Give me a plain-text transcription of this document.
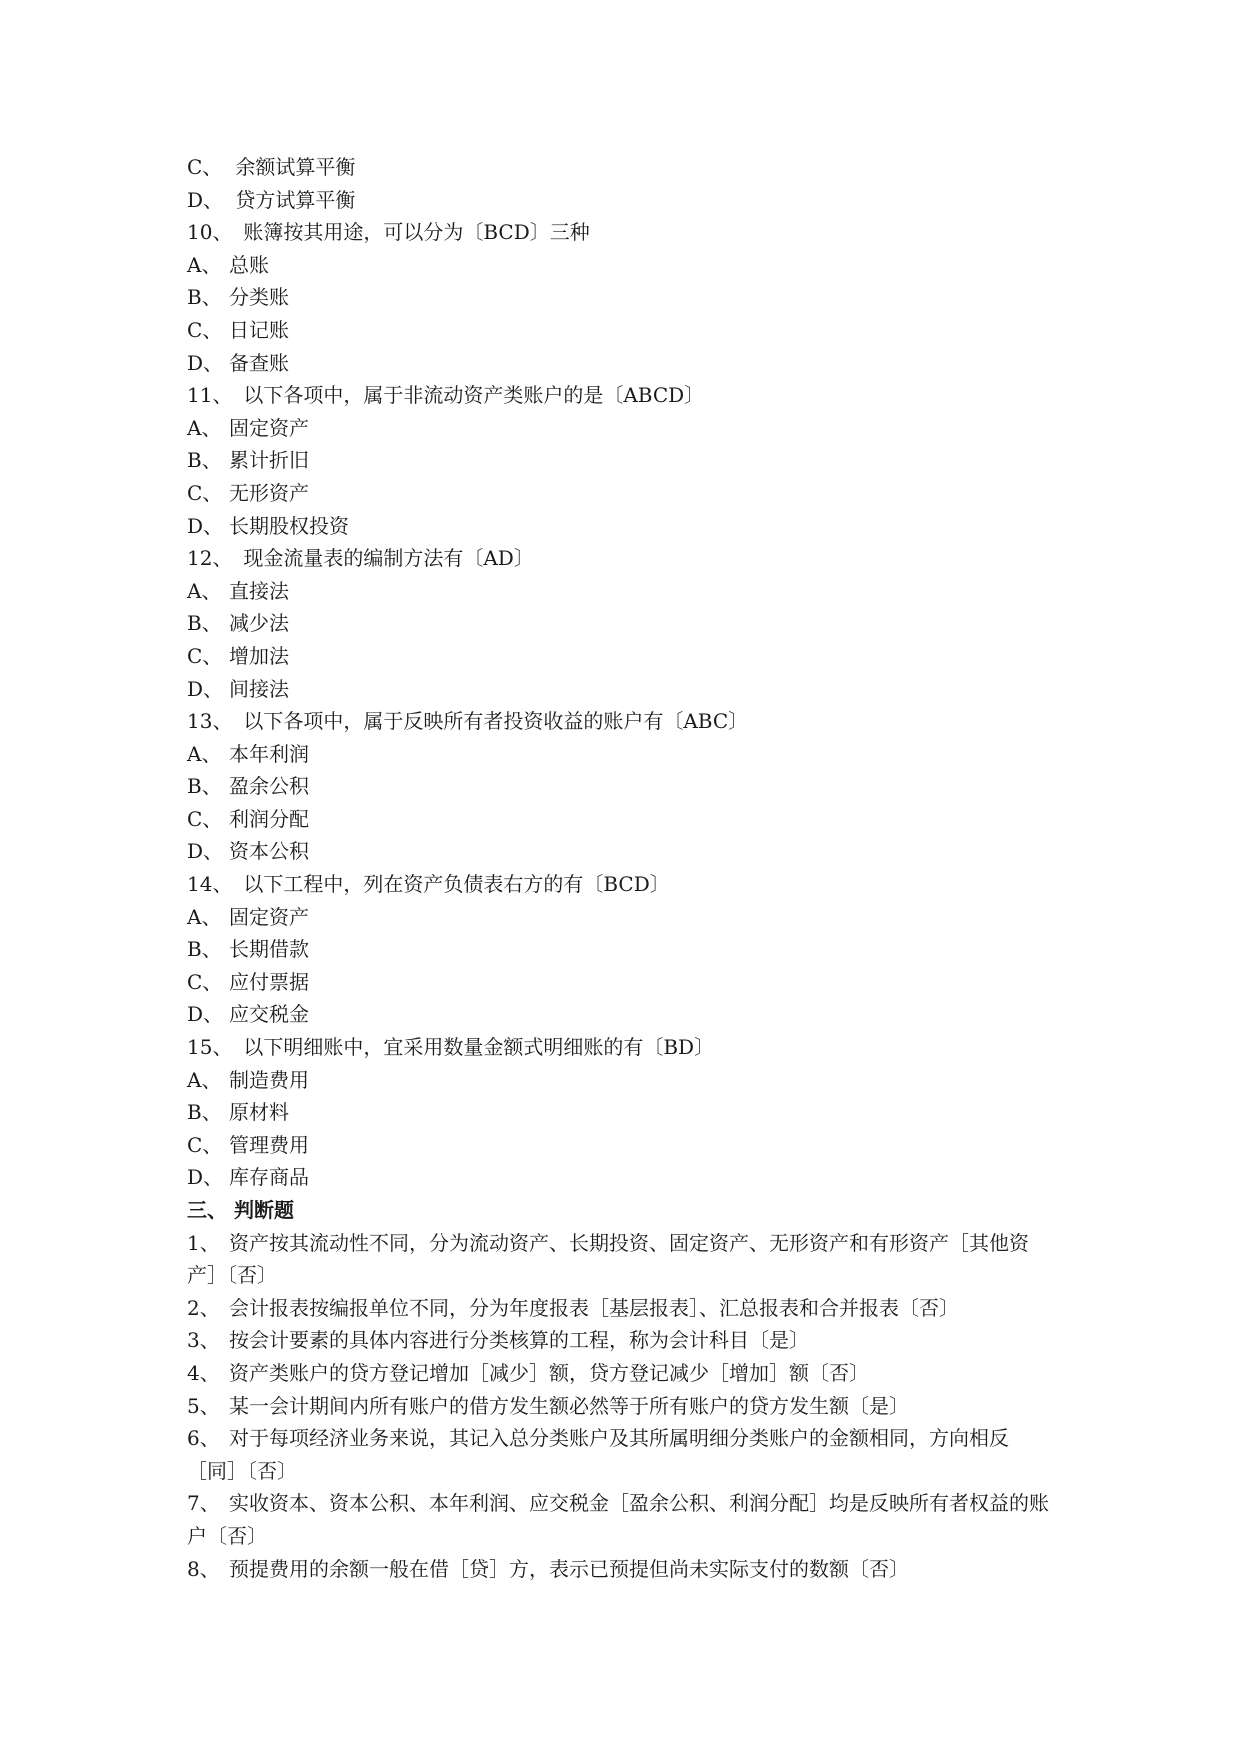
C、 余额试算平衡
D、 贷方试算平衡
10、 账簿按其用途，可以分为〔BCD〕三种
A、 总账
B、 分类账
C、 日记账
D、 备查账
11、 以下各项中，属于非流动资产类账户的是〔ABCD〕
A、 固定资产
B、 累计折旧
C、 无形资产
D、 长期股权投资
12、 现金流量表的编制方法有〔AD〕
A、 直接法
B、 减少法
C、 增加法
D、 间接法
13、 以下各项中，属于反映所有者投资收益的账户有〔ABC〕
A、 本年利润
B、 盈余公积
C、 利润分配
D、 资本公积
14、 以下工程中，列在资产负债表右方的有〔BCD〕
A、 固定资产
B、 长期借款
C、 应付票据
D、 应交税金
15、 以下明细账中，宜采用数量金额式明细账的有〔BD〕
A、 制造费用
B、 原材料
C、 管理费用
D、 库存商品
三、 判断题
1、 资产按其流动性不同，分为流动资产、长期投资、固定资产、无形资产和有形资产［其他资产］〔否〕
2、 会计报表按编报单位不同，分为年度报表［基层报表］、汇总报表和合并报表〔否〕
3、 按会计要素的具体内容进行分类核算的工程，称为会计科目〔是〕
4、 资产类账户的贷方登记增加［减少］额，贷方登记减少［增加］额〔否〕
5、 某一会计期间内所有账户的借方发生额必然等于所有账户的贷方发生额〔是〕
6、 对于每项经济业务来说，其记入总分类账户及其所属明细分类账户的金额相同，方向相反［同］〔否〕
7、 实收资本、资本公积、本年利润、应交税金［盈余公积、利润分配］均是反映所有者权益的账户〔否〕
8、 预提费用的余额一般在借［贷］方，表示已预提但尚未实际支付的数额〔否〕
